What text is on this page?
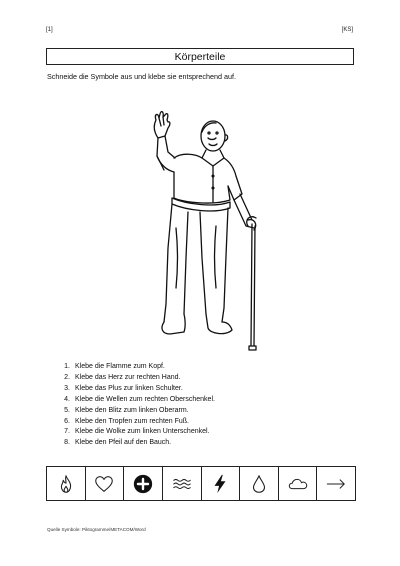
[1]	[KS]
Körperteile
Schneide die Symbole aus und klebe sie entsprechend auf.
1. Klebe die Flamme zum Kopf.
2. Klebe das Herz zur rechten Hand.
3. Klebe das Plus zur linken Schulter.
4. Klebe die Wellen zum rechten Oberschenkel.
5. Klebe den Blitz zum linken Oberarm.
6. Klebe den Tropfen zum rechten Fuß.
7. Klebe die Wolke zum linken Unterschenkel.
8. Klebe den Pfeil auf den Bauch.
Quelle Symbole: Piktogramme/METACOM/Word
